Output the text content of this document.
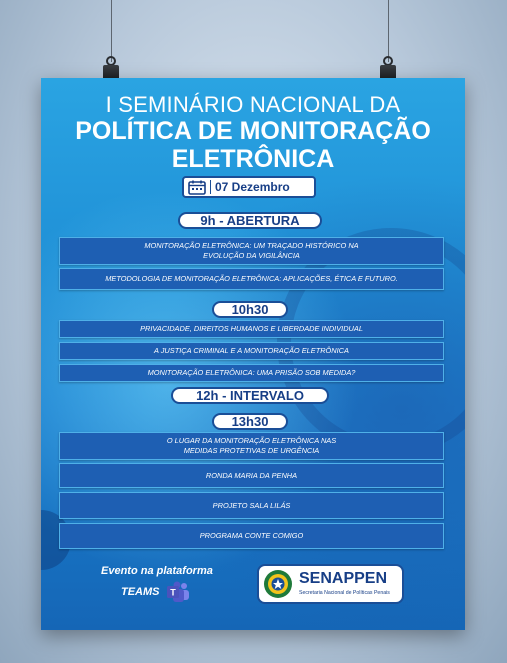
I SEMINÁRIO NACIONAL DA
POLÍTICA DE MONITORAÇÃO
ELETRÔNICA
07 Dezembro
9h - ABERTURA
MONITORAÇÃO ELETRÔNICA: UM TRAÇADO HISTÓRICO NA
EVOLUÇÃO DA VIGILÂNCIA
METODOLOGIA DE MONITORAÇÃO ELETRÔNICA: APLICAÇÕES, ÉTICA E FUTURO.
10h30
PRIVACIDADE, DIREITOS HUMANOS E LIBERDADE INDIVIDUAL
A JUSTIÇA CRIMINAL E A MONITORAÇÃO ELETRÔNICA
MONITORAÇÃO ELETRÔNICA: UMA PRISÃO SOB MEDIDA?
12h - INTERVALO
13h30
O LUGAR DA MONITORAÇÃO ELETRÔNICA NAS
MEDIDAS PROTETIVAS DE URGÊNCIA
RONDA MARIA DA PENHA
PROJETO SALA LILÁS
PROGRAMA CONTE COMIGO
Evento na plataforma
TEAMS T
SENAPPEN
Secretaria Nacional de Políticas Penais
